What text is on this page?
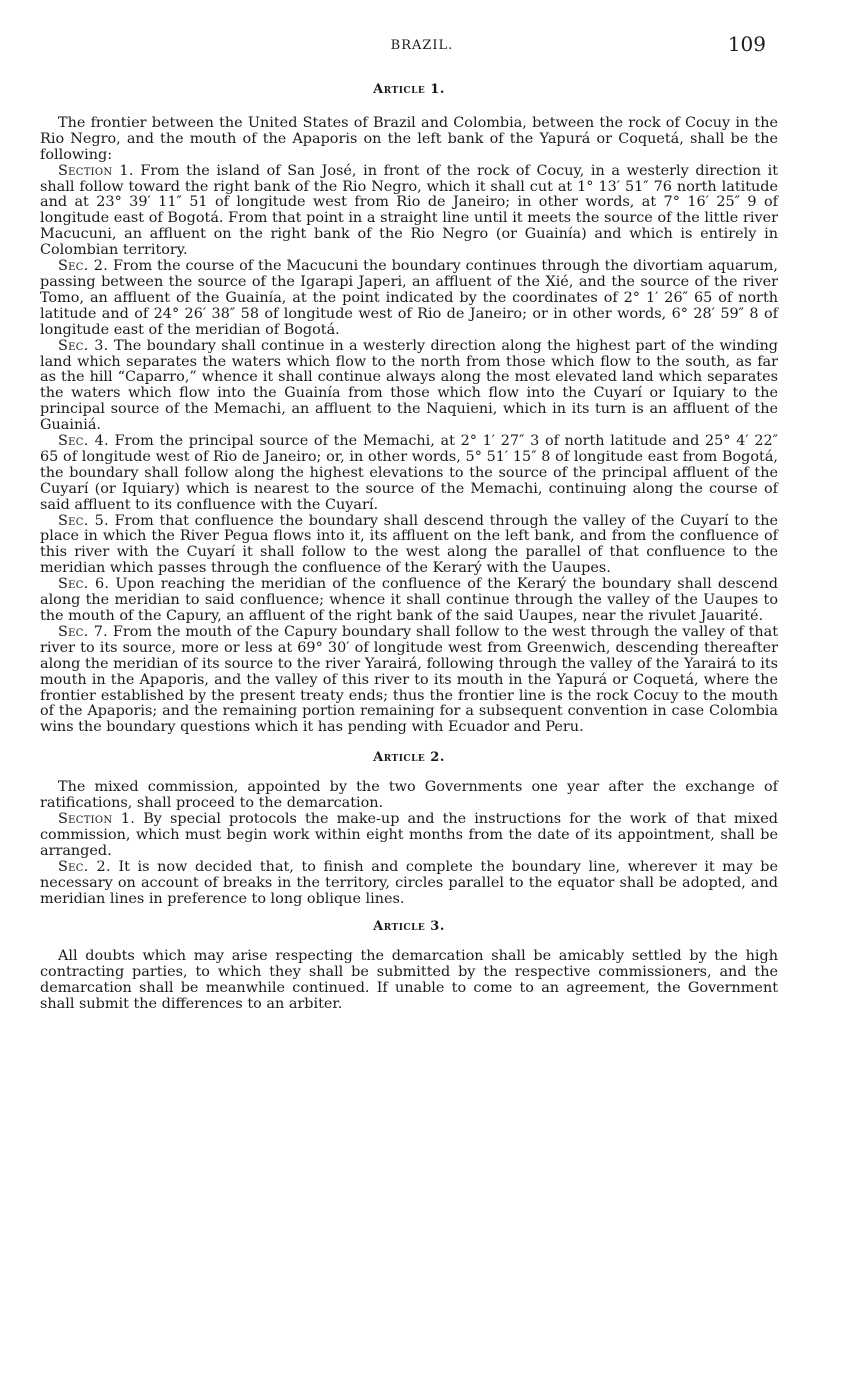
BRAZIL.	109
Article 1.

The frontier between the United States of Brazil and Colombia, between the rock of Cocuy in the Rio Negro, and the mouth of the Apaporis on the left bank of the Yapurá or Coquetá, shall be the following:

Section 1. From the island of San José, in front of the rock of Cocuy, in a westerly direction it shall follow toward the right bank of the Rio Negro, which it shall cut at 1° 13′ 51″ 76 north latitude and at 23° 39′ 11″ 51 of longitude west from Rio de Janeiro; in other words, at 7° 16′ 25″ 9 of longitude east of Bogotá. From that point in a straight line until it meets the source of the little river Macucuni, an affluent on the right bank of the Rio Negro (or Guainía) and which is entirely in Colombian territory.

Sec. 2. From the course of the Macucuni the boundary continues through the divortiam aquarum, passing between the source of the Igarapi Japeri, an affluent of the Xié, and the source of the river Tomo, an affluent of the Guainía, at the point indicated by the coordinates of 2° 1′ 26″ 65 of north latitude and of 24° 26′ 38″ 58 of longitude west of Rio de Janeiro; or in other words, 6° 28′ 59″ 8 of longitude east of the meridian of Bogotá.

Sec. 3. The boundary shall continue in a westerly direction along the highest part of the winding land which separates the waters which flow to the north from those which flow to the south, as far as the hill “Caparro,” whence it shall continue always along the most elevated land which separates the waters which flow into the Guainía from those which flow into the Cuyarí or Iquiary to the principal source of the Memachi, an affluent to the Naquieni, which in its turn is an affluent of the Guainiá.

Sec. 4. From the principal source of the Memachi, at 2° 1′ 27″ 3 of north latitude and 25° 4′ 22″ 65 of longitude west of Rio de Janeiro; or, in other words, 5° 51′ 15″ 8 of longitude east from Bogotá, the boundary shall follow along the highest elevations to the source of the principal affluent of the Cuyarí (or Iquiary) which is nearest to the source of the Memachi, continuing along the course of said affluent to its confluence with the Cuyarí.

Sec. 5. From that confluence the boundary shall descend through the valley of the Cuyarí to the place in which the River Pegua flows into it, its affluent on the left bank, and from the confluence of this river with the Cuyarí it shall follow to the west along the parallel of that confluence to the meridian which passes through the confluence of the Kerarý with the Uaupes.

Sec. 6. Upon reaching the meridian of the confluence of the Kerarý the boundary shall descend along the meridian to said confluence; whence it shall continue through the valley of the Uaupes to the mouth of the Capury, an affluent of the right bank of the said Uaupes, near the rivulet Jauarité.

Sec. 7. From the mouth of the Capury boundary shall follow to the west through the valley of that river to its source, more or less at 69° 30′ of longitude west from Greenwich, descending thereafter along the meridian of its source to the river Yarairá, following through the valley of the Yarairá to its mouth in the Apaporis, and the valley of this river to its mouth in the Yapurá or Coquetá, where the frontier established by the present treaty ends; thus the frontier line is the rock Cocuy to the mouth of the Apaporis; and the remaining portion remaining for a subsequent convention in case Colombia wins the boundary questions which it has pending with Ecuador and Peru.

Article 2.

The mixed commission, appointed by the two Governments one year after the exchange of ratifications, shall proceed to the demarcation.

Section 1. By special protocols the make-up and the instructions for the work of that mixed commission, which must begin work within eight months from the date of its appointment, shall be arranged.

Sec. 2. It is now decided that, to finish and complete the boundary line, wherever it may be necessary on account of breaks in the territory, circles parallel to the equator shall be adopted, and meridian lines in preference to long oblique lines.

Article 3.

All doubts which may arise respecting the demarcation shall be amicably settled by the high contracting parties, to which they shall be submitted by the respective commissioners, and the demarcation shall be meanwhile continued. If unable to come to an agreement, the Government shall submit the differences to an arbiter.
